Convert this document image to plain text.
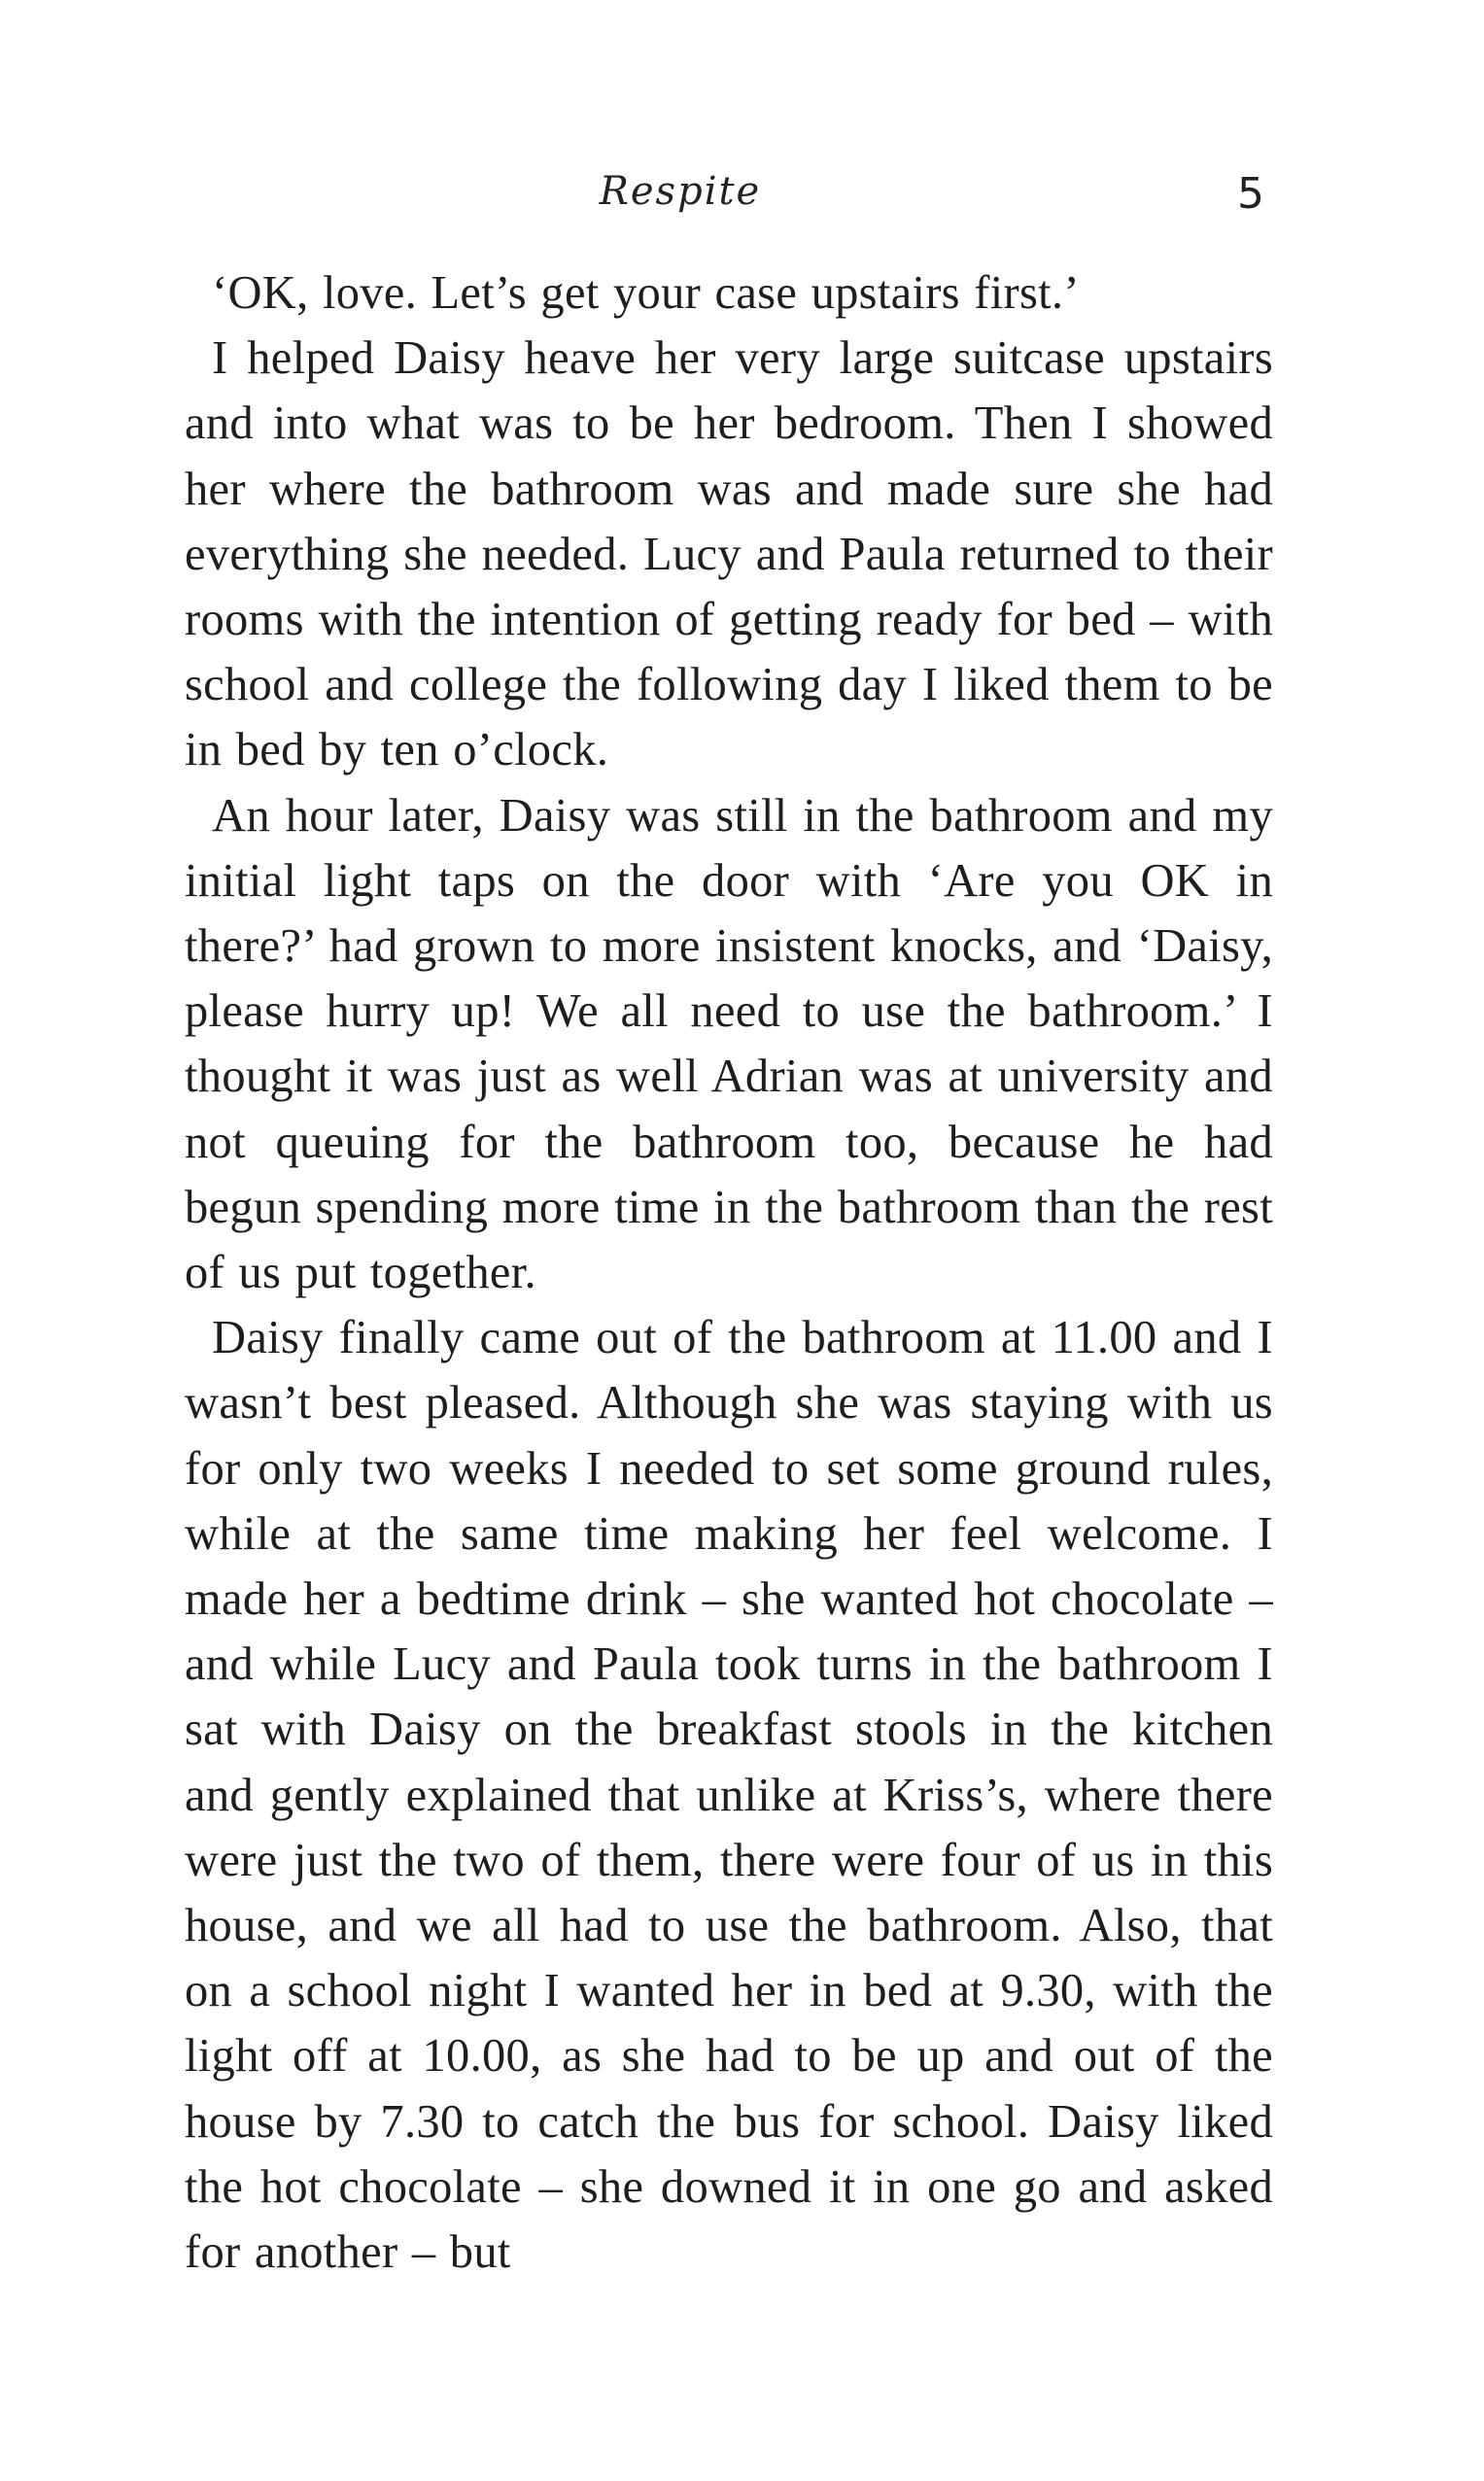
Respite	5

‘OK, love. Let’s get your case upstairs first.’

I helped Daisy heave her very large suitcase upstairs and into what was to be her bedroom. Then I showed her where the bathroom was and made sure she had everything she needed. Lucy and Paula returned to their rooms with the intention of getting ready for bed – with school and college the following day I liked them to be in bed by ten o’clock.

An hour later, Daisy was still in the bathroom and my initial light taps on the door with ‘Are you OK in there?’ had grown to more insistent knocks, and ‘Daisy, please hurry up! We all need to use the bathroom.’ I thought it was just as well Adrian was at university and not queuing for the bathroom too, because he had begun spending more time in the bathroom than the rest of us put together.

Daisy finally came out of the bathroom at 11.00 and I wasn’t best pleased. Although she was staying with us for only two weeks I needed to set some ground rules, while at the same time making her feel welcome. I made her a bedtime drink – she wanted hot chocolate – and while Lucy and Paula took turns in the bathroom I sat with Daisy on the breakfast stools in the kitchen and gently explained that unlike at Kriss’s, where there were just the two of them, there were four of us in this house, and we all had to use the bathroom. Also, that on a school night I wanted her in bed at 9.30, with the light off at 10.00, as she had to be up and out of the house by 7.30 to catch the bus for school. Daisy liked the hot chocolate – she downed it in one go and asked for another – but
